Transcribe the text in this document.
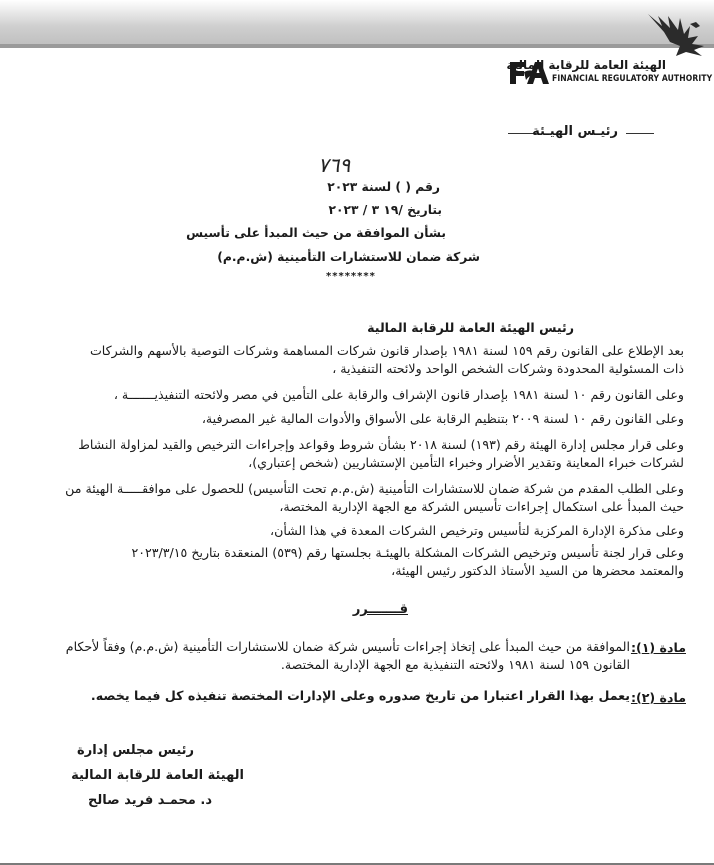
الهيئة العامة للرقابة المالية
FINANCIAL REGULATORY AUTHORITY
رئيـس الهيـئة
٧٦٩
رقم ( ) لسنة ٢٠٢٣
بتاريخ /١٩ ٣ / ٢٠٢٣
بشأن الموافقة من حيث المبدأ على تأسيس
شركة ضمان للاستشارات التأمينية (ش.م.م)
********
رئيس الهيئة العامة للرقابة المالية
بعد الإطلاع على القانون رقم ١٥٩ لسنة ١٩٨١ بإصدار قانون شركات المساهمة وشركات التوصية بالأسهم والشركات
ذات المسئولية المحدودة وشركات الشخص الواحد ولائحته التنفيذية ،
وعلى القانون رقم ١٠ لسنة ١٩٨١ بإصدار قانون الإشراف والرقابة على التأمين في مصر ولائحته التنفيذيـــــــة ،
وعلى القانون رقم ١٠ لسنة ٢٠٠٩ بتنظيم الرقابة على الأسواق والأدوات المالية غير المصرفية،
وعلى قرار مجلس إدارة الهيئة رقم (١٩٣) لسنة ٢٠١٨ بشأن شروط وقواعد وإجراءات الترخيص والقيد لمزاولة النشاط
لشركات خبراء المعاينة وتقدير الأضرار وخبراء التأمين الإستشاريين (شخص إعتباري)،
وعلى الطلب المقدم من شركة ضمان للاستشارات التأمينية (ش.م.م تحت التأسيس) للحصول على موافقـــــة الهيئة من
حيث المبدأ على استكمال إجراءات تأسيس الشركة مع الجهة الإدارية المختصة،
وعلى مذكرة الإدارة المركزية لتأسيس وترخيص الشركات المعدة في هذا الشأن،
وعلى قرار لجنة تأسيس وترخيص الشركات المشكلة بالهيئـة بجلستها رقم (٥٣٩) المنعقدة بتاريخ ٢٠٢٣/٣/١٥
والمعتمد محضرها من السيد الأستاذ الدكتور رئيس الهيئة،
قـــــــرر
مادة (١):
الموافقة من حيث المبدأ على إتخاذ إجراءات تأسيس شركة ضمان للاستشارات التأمينية (ش.م.م) وفقاً لأحكام
القانون ١٥٩ لسنة ١٩٨١ ولائحته التنفيذية مع الجهة الإدارية المختصة.
مادة (٢):
يعمل بهذا القرار اعتبارا من تاريخ صدوره وعلى الإدارات المختصة تنفيذه كل فيما يخصه.
رئيس مجلس إدارة
الهيئة العامة للرقابة المالية
د. محمـد فريد صالح
